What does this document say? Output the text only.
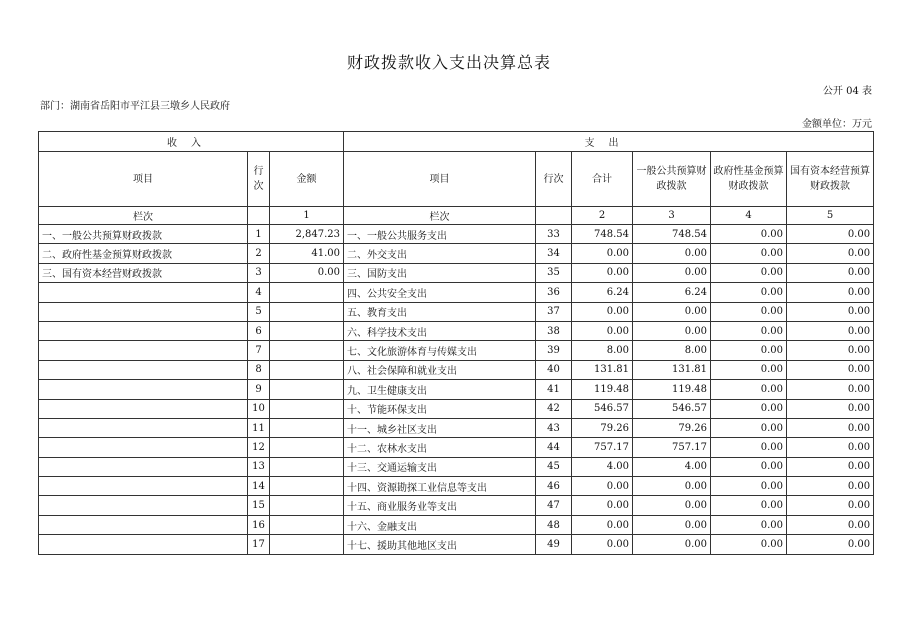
财政拨款收入支出决算总表
公开 04 表
部门：湖南省岳阳市平江县三墩乡人民政府
金额单位：万元
收入			支出					
项目	行次	金额	项目	行次	合计	一般公共预算财政拨款	政府性基金预算财政拨款	国有资本经营预算财政拨款
栏次		1	栏次		2	3	4	5
一、一般公共预算财政拨款	1	2,847.23	一、一般公共服务支出	33	748.54	748.54	0.00	0.00
二、政府性基金预算财政拨款	2	41.00	二、外交支出	34	0.00	0.00	0.00	0.00
三、国有资本经营财政拨款	3	0.00	三、国防支出	35	0.00	0.00	0.00	0.00
	4		四、公共安全支出	36	6.24	6.24	0.00	0.00
	5		五、教育支出	37	0.00	0.00	0.00	0.00
	6		六、科学技术支出	38	0.00	0.00	0.00	0.00
	7		七、文化旅游体育与传媒支出	39	8.00	8.00	0.00	0.00
	8		八、社会保障和就业支出	40	131.81	131.81	0.00	0.00
	9		九、卫生健康支出	41	119.48	119.48	0.00	0.00
	10		十、节能环保支出	42	546.57	546.57	0.00	0.00
	11		十一、城乡社区支出	43	79.26	79.26	0.00	0.00
	12		十二、农林水支出	44	757.17	757.17	0.00	0.00
	13		十三、交通运输支出	45	4.00	4.00	0.00	0.00
	14		十四、资源勘探工业信息等支出	46	0.00	0.00	0.00	0.00
	15		十五、商业服务业等支出	47	0.00	0.00	0.00	0.00
	16		十六、金融支出	48	0.00	0.00	0.00	0.00
	17		十七、援助其他地区支出	49	0.00	0.00	0.00	0.00
